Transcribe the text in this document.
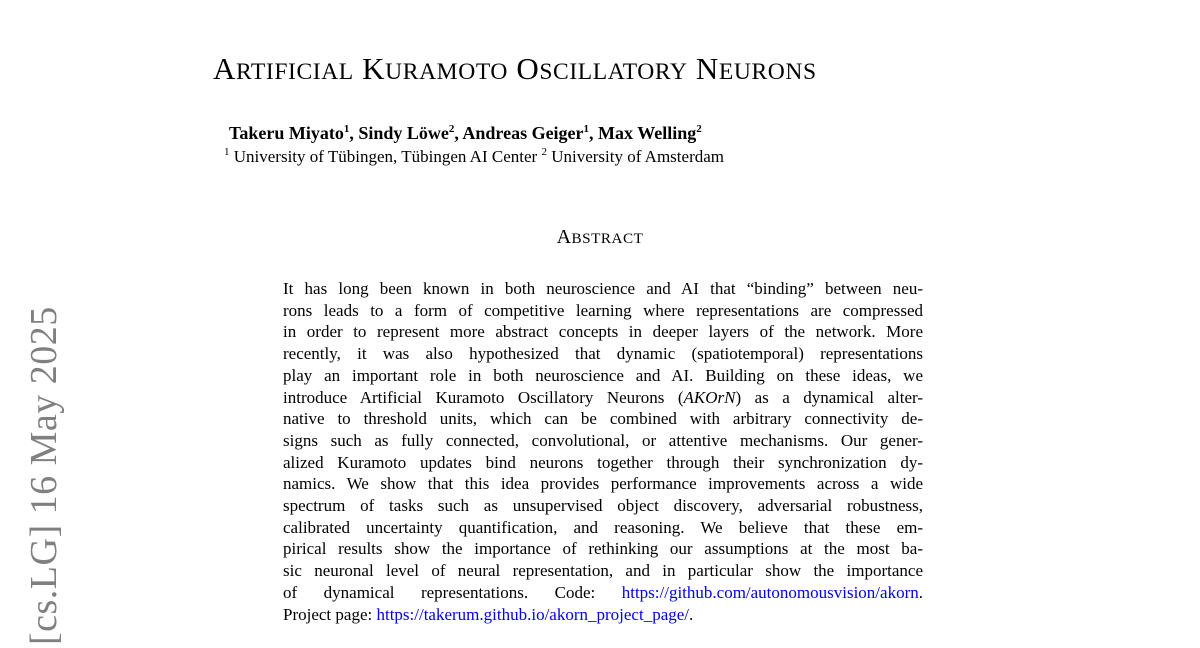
[cs.LG] 16 May 2025
ARTIFICIAL KURAMOTO OSCILLATORY NEURONS
Takeru Miyato$^1$, Sindy Löwe$^2$, Andreas Geiger$^1$, Max Welling$^2$
$^1$ University of Tübingen, Tübingen AI Center $^2$ University of Amsterdam
ABSTRACT
It has long been known in both neuroscience and AI that “binding” between neu-
rons leads to a form of competitive learning where representations are compressed
in order to represent more abstract concepts in deeper layers of the network. More
recently, it was also hypothesized that dynamic (spatiotemporal) representations
play an important role in both neuroscience and AI. Building on these ideas, we
introduce Artificial Kuramoto Oscillatory Neurons (AKOrN) as a dynamical alter-
native to threshold units, which can be combined with arbitrary connectivity de-
signs such as fully connected, convolutional, or attentive mechanisms. Our gener-
alized Kuramoto updates bind neurons together through their synchronization dy-
namics. We show that this idea provides performance improvements across a wide
spectrum of tasks such as unsupervised object discovery, adversarial robustness,
calibrated uncertainty quantification, and reasoning. We believe that these em-
pirical results show the importance of rethinking our assumptions at the most ba-
sic neuronal level of neural representation, and in particular show the importance
of dynamical representations. Code: https://github.com/autonomousvision/akorn.
Project page: https://takerum.github.io/akorn_project_page/.
